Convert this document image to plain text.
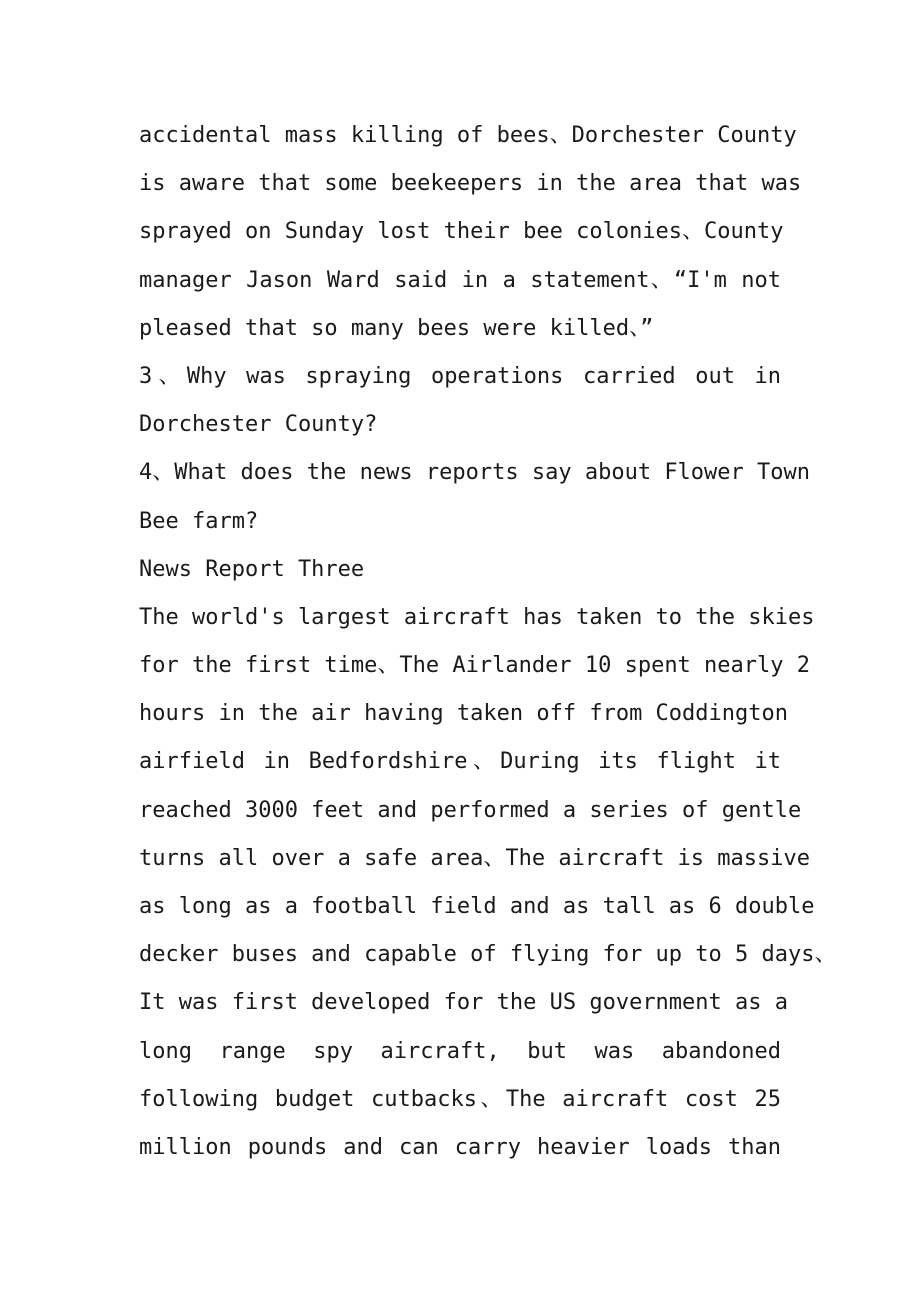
accidental mass killing of bees、Dorchester County
is aware that some beekeepers in the area that was
sprayed on Sunday lost their bee colonies、County
manager Jason Ward said in a statement、“I'm not
pleased that so many bees were killed、”
3、Why was spraying operations carried out in
Dorchester County?
4、What does the news reports say about Flower Town
Bee farm?
News Report Three
The world's largest aircraft has taken to the skies
for the first time、The Airlander 10 spent nearly 2
hours in the air having taken off from Coddington
airfield in Bedfordshire、During its flight it
reached 3000 feet and performed a series of gentle
turns all over a safe area、The aircraft is massive
as long as a football field and as tall as 6 double
decker buses and capable of flying for up to 5 days、
It was first developed for the US government as a
long range spy aircraft, but was abandoned
following budget cutbacks、The aircraft cost 25
million pounds and can carry heavier loads than
